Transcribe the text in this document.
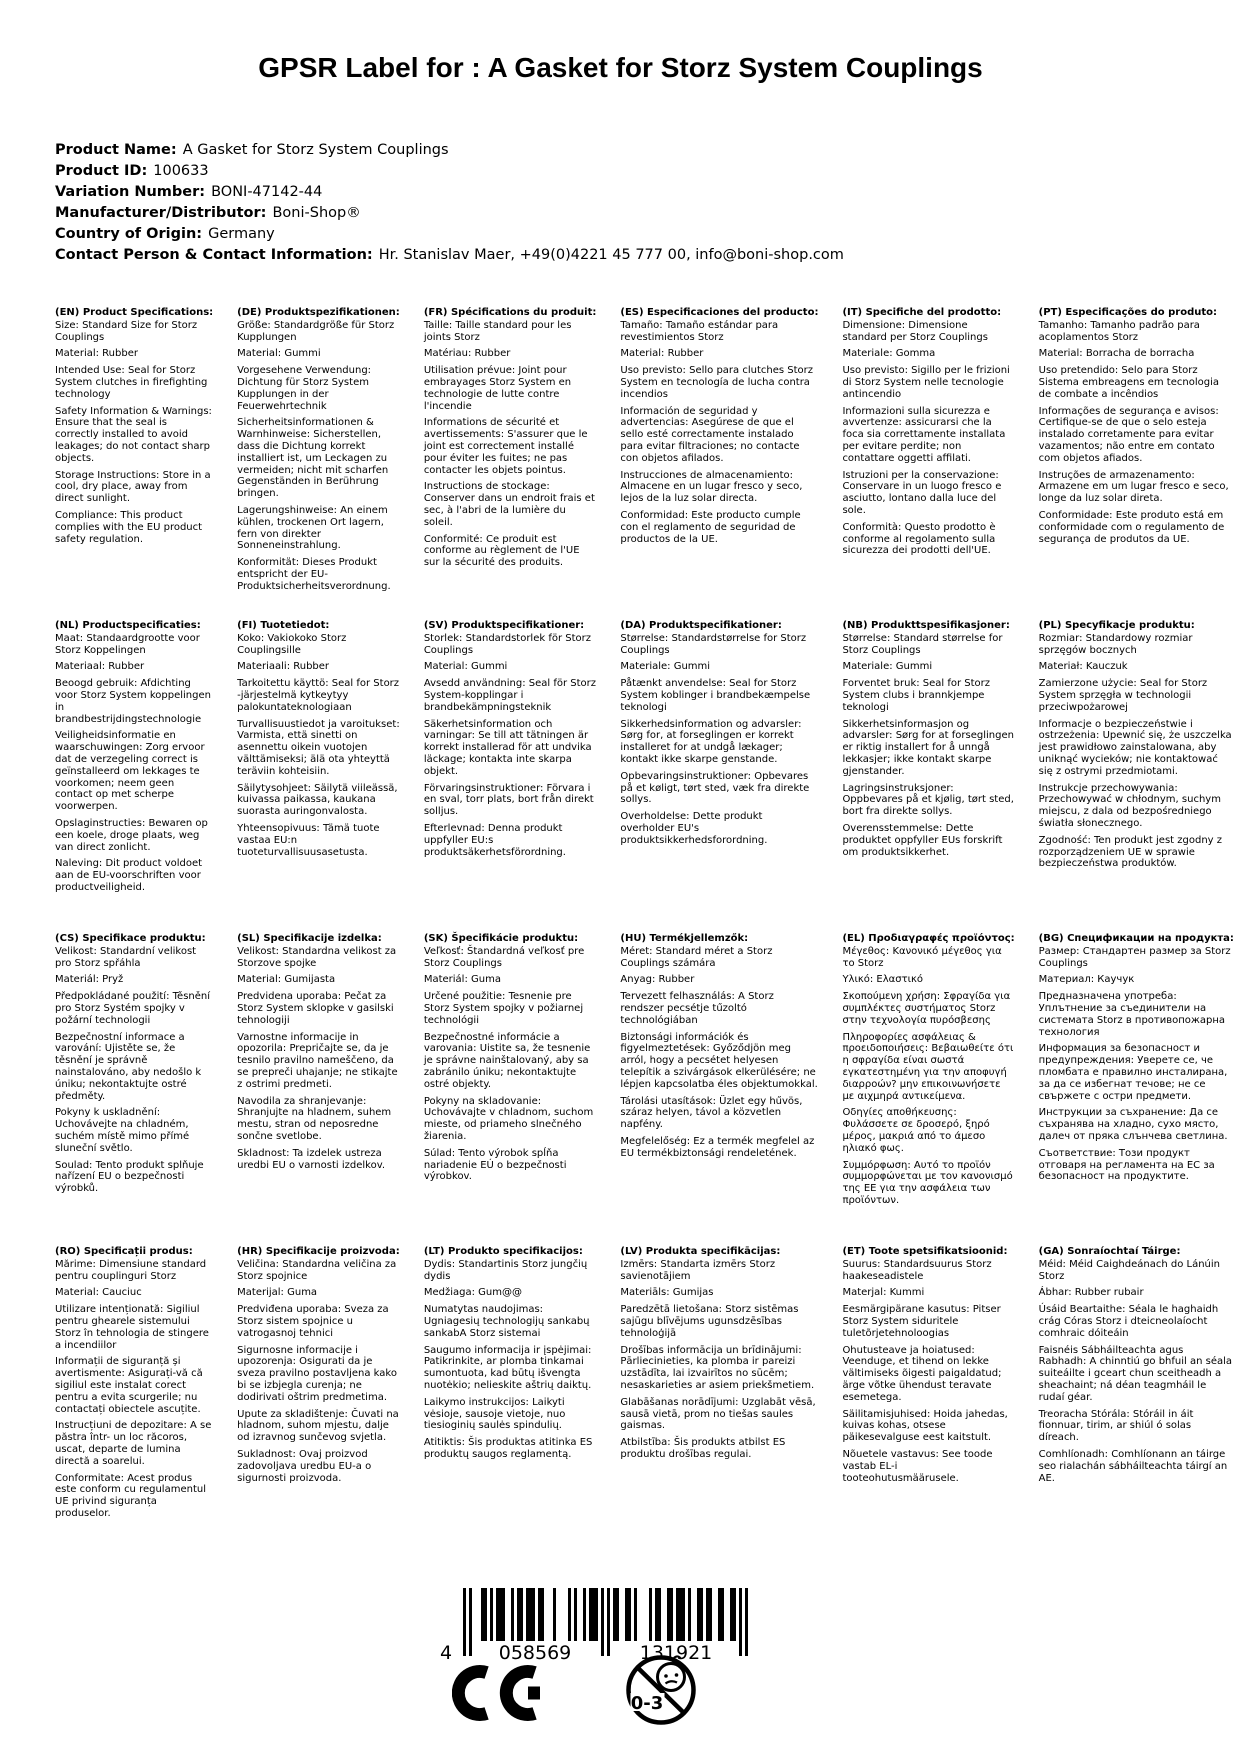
GPSR Label for : A Gasket for Storz System Couplings
Product Name: A Gasket for Storz System Couplings
Product ID: 100633
Variation Number: BONI-47142-44
Manufacturer/Distributor: Boni-Shop®
Country of Origin: Germany
Contact Person & Contact Information: Hr. Stanislav Maer, +49(0)4221 45 777 00, info@boni-shop.com
(EN) Product Specifications:

Size: Standard Size for Storz Couplings

Material: Rubber

Intended Use: Seal for Storz System clutches in firefighting technology

Safety Information & Warnings: Ensure that the seal is correctly installed to avoid leakages; do not contact sharp objects.

Storage Instructions: Store in a cool, dry place, away from direct sunlight.

Compliance: This product complies with the EU product safety regulation.

(DE) Produktspezifikationen:

Größe: Standardgröße für Storz Kupplungen

Material: Gummi

Vorgesehene Verwendung: Dichtung für Storz System Kupplungen in der Feuerwehrtechnik

Sicherheitsinformationen & Warnhinweise: Sicherstellen, dass die Dichtung korrekt installiert ist, um Leckagen zu vermeiden; nicht mit scharfen Gegenständen in Berührung bringen.

Lagerungshinweise: An einem kühlen, trockenen Ort lagern, fern von direkter Sonneneinstrahlung.

Konformität: Dieses Produkt entspricht der EU-Produktsicherheitsverordnung.

(FR) Spécifications du produit:

Taille: Taille standard pour les joints Storz

Matériau: Rubber

Utilisation prévue: Joint pour embrayages Storz System en technologie de lutte contre l'incendie

Informations de sécurité et avertissements: S'assurer que le joint est correctement installé pour éviter les fuites; ne pas contacter les objets pointus.

Instructions de stockage: Conserver dans un endroit frais et sec, à l'abri de la lumière du soleil.

Conformité: Ce produit est conforme au règlement de l'UE sur la sécurité des produits.

(ES) Especificaciones del producto:

Tamaño: Tamaño estándar para revestimientos Storz

Material: Rubber

Uso previsto: Sello para clutches Storz System en tecnología de lucha contra incendios

Información de seguridad y advertencias: Asegúrese de que el sello esté correctamente instalado para evitar filtraciones; no contacte con objetos afilados.

Instrucciones de almacenamiento: Almacene en un lugar fresco y seco, lejos de la luz solar directa.

Conformidad: Este producto cumple con el reglamento de seguridad de productos de la UE.

(IT) Specifiche del prodotto:

Dimensione: Dimensione standard per Storz Couplings

Materiale: Gomma

Uso previsto: Sigillo per le frizioni di Storz System nelle tecnologie antincendio

Informazioni sulla sicurezza e avvertenze: assicurarsi che la foca sia correttamente installata per evitare perdite; non contattare oggetti affilati.

Istruzioni per la conservazione: Conservare in un luogo fresco e asciutto, lontano dalla luce del sole.

Conformità: Questo prodotto è conforme al regolamento sulla sicurezza dei prodotti dell'UE.

(PT) Especificações do produto:

Tamanho: Tamanho padrão para acoplamentos Storz

Material: Borracha de borracha

Uso pretendido: Selo para Storz Sistema embreagens em tecnologia de combate a incêndios

Informações de segurança e avisos: Certifique-se de que o selo esteja instalado corretamente para evitar vazamentos; não entre em contato com objetos afiados.

Instruções de armazenamento: Armazene em um lugar fresco e seco, longe da luz solar direta.

Conformidade: Este produto está em conformidade com o regulamento de segurança de produtos da UE.

(NL) Productspecificaties:

Maat: Standaardgrootte voor Storz Koppelingen

Materiaal: Rubber

Beoogd gebruik: Afdichting voor Storz System koppelingen in brandbestrijdingstechnologie

Veiligheidsinformatie en waarschuwingen: Zorg ervoor dat de verzegeling correct is geïnstalleerd om lekkages te voorkomen; neem geen contact op met scherpe voorwerpen.

Opslaginstructies: Bewaren op een koele, droge plaats, weg van direct zonlicht.

Naleving: Dit product voldoet aan de EU-voorschriften voor productveiligheid.

(FI) Tuotetiedot:

Koko: Vakiokoko Storz Couplingsille

Materiaali: Rubber

Tarkoitettu käyttö: Seal for Storz -järjestelmä kytkeytyy palokuntateknologiaan

Turvallisuustiedot ja varoitukset: Varmista, että sinetti on asennettu oikein vuotojen välttämiseksi; älä ota yhteyttä teräviin kohteisiin.

Säilytysohjeet: Säilytä viileässä, kuivassa paikassa, kaukana suorasta auringonvalosta.

Yhteensopivuus: Tämä tuote vastaa EU:n tuoteturvallisuusasetusta.

(SV) Produktspecifikationer:

Storlek: Standardstorlek för Storz Couplings

Material: Gummi

Avsedd användning: Seal för Storz System-kopplingar i brandbekämpningsteknik

Säkerhetsinformation och varningar: Se till att tätningen är korrekt installerad för att undvika läckage; kontakta inte skarpa objekt.

Förvaringsinstruktioner: Förvara i en sval, torr plats, bort från direkt solljus.

Efterlevnad: Denna produkt uppfyller EU:s produktsäkerhetsförordning.

(DA) Produktspecifikationer:

Størrelse: Standardstørrelse for Storz Couplings

Materiale: Gummi

Påtænkt anvendelse: Seal for Storz System koblinger i brandbekæmpelse teknologi

Sikkerhedsinformation og advarsler: Sørg for, at forseglingen er korrekt installeret for at undgå lækager; kontakt ikke skarpe genstande.

Opbevaringsinstruktioner: Opbevares på et køligt, tørt sted, væk fra direkte sollys.

Overholdelse: Dette produkt overholder EU's produktsikkerhedsforordning.

(NB) Produkttspesifikasjoner:

Størrelse: Standard størrelse for Storz Couplings

Materiale: Gummi

Forventet bruk: Seal for Storz System clubs i brannkjempe teknologi

Sikkerhetsinformasjon og advarsler: Sørg for at forseglingen er riktig installert for å unngå lekkasjer; ikke kontakt skarpe gjenstander.

Lagringsinstruksjoner: Oppbevares på et kjølig, tørt sted, bort fra direkte sollys.

Overensstemmelse: Dette produktet oppfyller EUs forskrift om produktsikkerhet.

(PL) Specyfikacje produktu:

Rozmiar: Standardowy rozmiar sprzęgów bocznych

Materiał: Kauczuk

Zamierzone użycie: Seal for Storz System sprzęgła w technologii przeciwpożarowej

Informacje o bezpieczeństwie i ostrzeżenia: Upewnić się, że uszczelka jest prawidłowo zainstalowana, aby uniknąć wycieków; nie kontaktować się z ostrymi przedmiotami.

Instrukcje przechowywania: Przechowywać w chłodnym, suchym miejscu, z dala od bezpośredniego światła słonecznego.

Zgodność: Ten produkt jest zgodny z rozporządzeniem UE w sprawie bezpieczeństwa produktów.

(CS) Specifikace produktu:

Velikost: Standardní velikost pro Storz spřáhla

Materiál: Pryž

Předpokládané použití: Těsnění pro Storz Systém spojky v požární technologii

Bezpečnostní informace a varování: Ujistěte se, že těsnění je správně nainstalováno, aby nedošlo k úniku; nekontaktujte ostré předměty.

Pokyny k uskladnění: Uchovávejte na chladném, suchém místě mimo přímé sluneční světlo.

Soulad: Tento produkt splňuje nařízení EU o bezpečnosti výrobků.

(SL) Specifikacije izdelka:

Velikost: Standardna velikost za Storzove spojke

Material: Gumijasta

Predvidena uporaba: Pečat za Storz System sklopke v gasilski tehnologiji

Varnostne informacije in opozorila: Prepričajte se, da je tesnilo pravilno nameščeno, da se prepreči uhajanje; ne stikajte z ostrimi predmeti.

Navodila za shranjevanje: Shranjujte na hladnem, suhem mestu, stran od neposredne sončne svetlobe.

Skladnost: Ta izdelek ustreza uredbi EU o varnosti izdelkov.

(SK) Špecifikácie produktu:

Veľkosť: Štandardná veľkosť pre Storz Couplings

Materiál: Guma

Určené použitie: Tesnenie pre Storz System spojky v požiarnej technológii

Bezpečnostné informácie a varovania: Uistite sa, že tesnenie je správne nainštalovaný, aby sa zabránilo úniku; nekontaktujte ostré objekty.

Pokyny na skladovanie: Uchovávajte v chladnom, suchom mieste, od priameho slnečného žiarenia.

Súlad: Tento výrobok spĺňa nariadenie EÚ o bezpečnosti výrobkov.

(HU) Termékjellemzők:

Méret: Standard méret a Storz Couplings számára

Anyag: Rubber

Tervezett felhasználás: A Storz rendszer pecsétje tűzoltó technológiában

Biztonsági információk és figyelmeztetések: Győződjön meg arról, hogy a pecsétet helyesen telepítik a szivárgások elkerülésére; ne lépjen kapcsolatba éles objektumokkal.

Tárolási utasítások: Üzlet egy hűvös, száraz helyen, távol a közvetlen napfény.

Megfelelőség: Ez a termék megfelel az EU termékbiztonsági rendeletének.

(EL) Προδιαγραφές προϊόντος:

Μέγεθος: Κανονικό μέγεθος για το Storz

Υλικό: Ελαστικό

Σκοπούμενη χρήση: Σφραγίδα για συμπλέκτες συστήματος Storz στην τεχνολογία πυρόσβεσης

Πληροφορίες ασφάλειας & προειδοποιήσεις: Βεβαιωθείτε ότι η σφραγίδα είναι σωστά εγκατεστημένη για την αποφυγή διαρροών? μην επικοινωνήσετε με αιχμηρά αντικείμενα.

Οδηγίες αποθήκευσης: Φυλάσσετε σε δροσερό, ξηρό μέρος, μακριά από το άμεσο ηλιακό φως.

Συμμόρφωση: Αυτό το προϊόν συμμορφώνεται με τον κανονισμό της ΕΕ για την ασφάλεια των προϊόντων.

(BG) Спецификации на продукта:

Размер: Стандартен размер за Storz Couplings

Материал: Каучук

Предназначена употреба: Уплътнение за съединители на системата Storz в противопожарна технология

Информация за безопасност и предупреждения: Уверете се, че пломбата е правилно инсталирана, за да се избегнат течове; не се свържете с остри предмети.

Инструкции за съхранение: Да се съхранява на хладно, сухо място, далеч от пряка слънчева светлина.

Съответствие: Този продукт отговаря на регламента на ЕС за безопасност на продуктите.

(RO) Specificații produs:

Mărime: Dimensiune standard pentru couplinguri Storz

Material: Cauciuc

Utilizare intenționată: Sigiliul pentru ghearele sistemului Storz în tehnologia de stingere a incendiilor

Informații de siguranță și avertismente: Asigurați-vă că sigiliul este instalat corect pentru a evita scurgerile; nu contactați obiectele ascuțite.

Instrucțiuni de depozitare: A se păstra într- un loc răcoros, uscat, departe de lumina directă a soarelui.

Conformitate: Acest produs este conform cu regulamentul UE privind siguranța produselor.

(HR) Specifikacije proizvoda:

Veličina: Standardna veličina za Storz spojnice

Materijal: Guma

Predviđena uporaba: Sveza za Storz sistem spojnice u vatrogasnoj tehnici

Sigurnosne informacije i upozorenja: Osigurati da je sveza pravilno postavljena kako bi se izbjegla curenja; ne dodirivati oštrim predmetima.

Upute za skladištenje: Čuvati na hladnom, suhom mjestu, dalje od izravnog sunčevog svjetla.

Sukladnost: Ovaj proizvod zadovoljava uredbu EU-a o sigurnosti proizvoda.

(LT) Produkto specifikacijos:

Dydis: Standartinis Storz jungčių dydis

Medžiaga: Gum@@

Numatytas naudojimas: Ugniagesių technologijų sankabų sankabA Storz sistemai

Saugumo informacija ir įspėjimai: Patikrinkite, ar plomba tinkamai sumontuota, kad būtų išvengta nuotėkio; nelieskite aštrių daiktų.

Laikymo instrukcijos: Laikyti vėsioje, sausoje vietoje, nuo tiesioginių saulės spindulių.

Atitiktis: Šis produktas atitinka ES produktų saugos reglamentą.

(LV) Produkta specifikācijas:

Izmērs: Standarta izmērs Storz savienotājiem

Materiāls: Gumijas

Paredzētā lietošana: Storz sistēmas sajūgu blīvējums ugunsdzēsības tehnoloģijā

Drošības informācija un brīdinājumi: Pārliecinieties, ka plomba ir pareizi uzstādīta, lai izvairītos no sūcēm; nesaskarieties ar asiem priekšmetiem.

Glabāšanas norādījumi: Uzglabāt vēsā, sausā vietā, prom no tiešas saules gaismas.

Atbilstība: Šis produkts atbilst ES produktu drošības regulai.

(ET) Toote spetsifikatsioonid:

Suurus: Standardsuurus Storz haakeseadistele

Materjal: Kummi

Eesmärgipärane kasutus: Pitser Storz System siduritele tuletõrjetehnoloogias

Ohutusteave ja hoiatused: Veenduge, et tihend on lekke vältimiseks õigesti paigaldatud; ärge võtke ühendust teravate esemetega.

Säilitamisjuhised: Hoida jahedas, kuivas kohas, otsese päikesevalguse eest kaitstult.

Nõuetele vastavus: See toode vastab EL-i tooteohutusmäärusele.

(GA) Sonraíochtaí Táirge:

Méid: Méid Caighdeánach do Lánúin Storz

Ábhar: Rubber rubair

Úsáid Beartaithe: Séala le haghaidh crág Córas Storz i dteicneolaíocht comhraic dóiteáin

Faisnéis Sábháilteachta agus Rabhadh: A chinntiú go bhfuil an séala suiteáilte i gceart chun sceitheadh a sheachaint; ná déan teagmháil le rudaí géar.

Treoracha Stórála: Stóráil in áit fionnuar, tirim, ar shiúl ó solas díreach.

Comhlíonadh: Comhlíonann an táirge seo rialachán sábháilteachta táirgí an AE.

4 058569	131921
0-3
